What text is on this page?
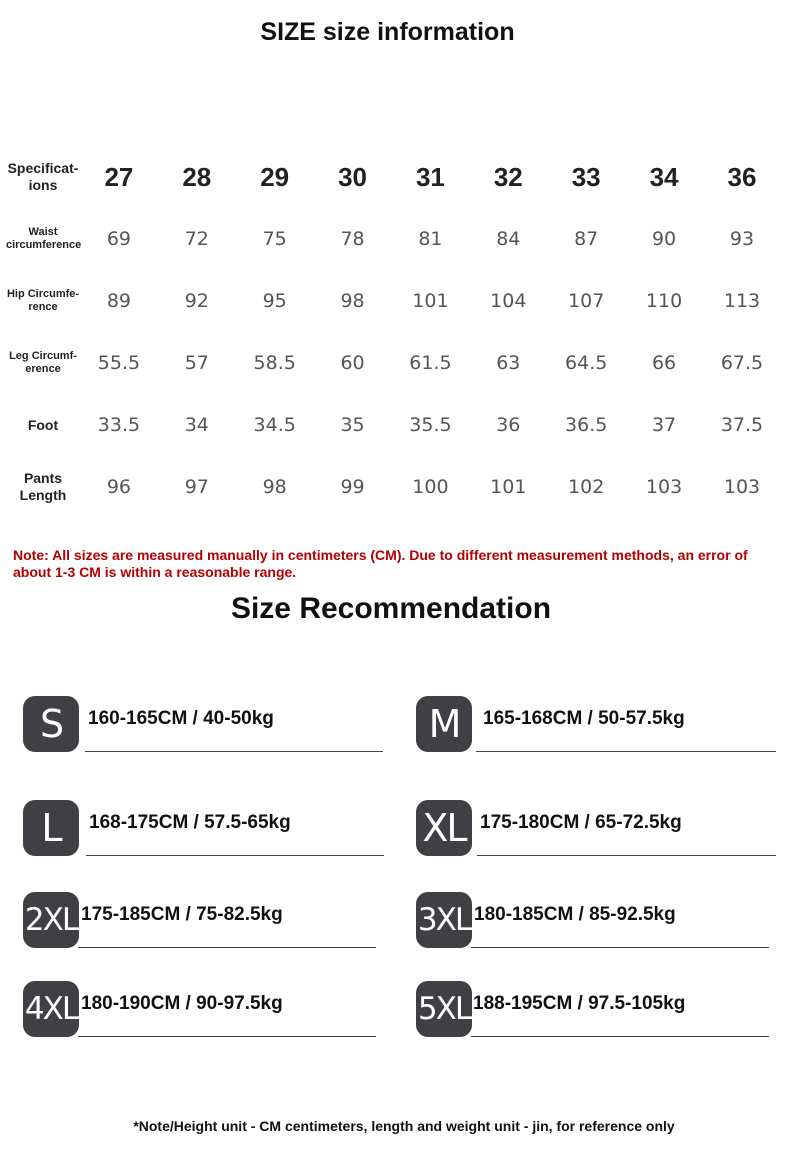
SIZE size information
Specificat-
ions	27	28	29	30	31	32	33	34	36
Waist
circumference	69	72	75	78	81	84	87	90	93
Hip Circumfe-
rence	89	92	95	98	101	104	107	110	113
Leg Circumf-
erence	55.5	57	58.5	60	61.5	63	64.5	66	67.5
Foot	33.5	34	34.5	35	35.5	36	36.5	37	37.5
Pants
Length	96	97	98	99	100	101	102	103	103
Note: All sizes are measured manually in centimeters (CM). Due to different measurement methods, an error of about 1-3 CM is within a reasonable range.
Size Recommendation
S	160-165CM / 40-50kg
L	168-175CM / 57.5-65kg
2XL 175-185CM / 75-82.5kg
4XL 180-190CM / 90-97.5kg
M	165-168CM / 50-57.5kg
XL 175-180CM / 65-72.5kg
3XL 180-185CM / 85-92.5kg
5XL 188-195CM / 97.5-105kg
*Note/Height unit - CM centimeters, length and weight unit - jin, for reference only
